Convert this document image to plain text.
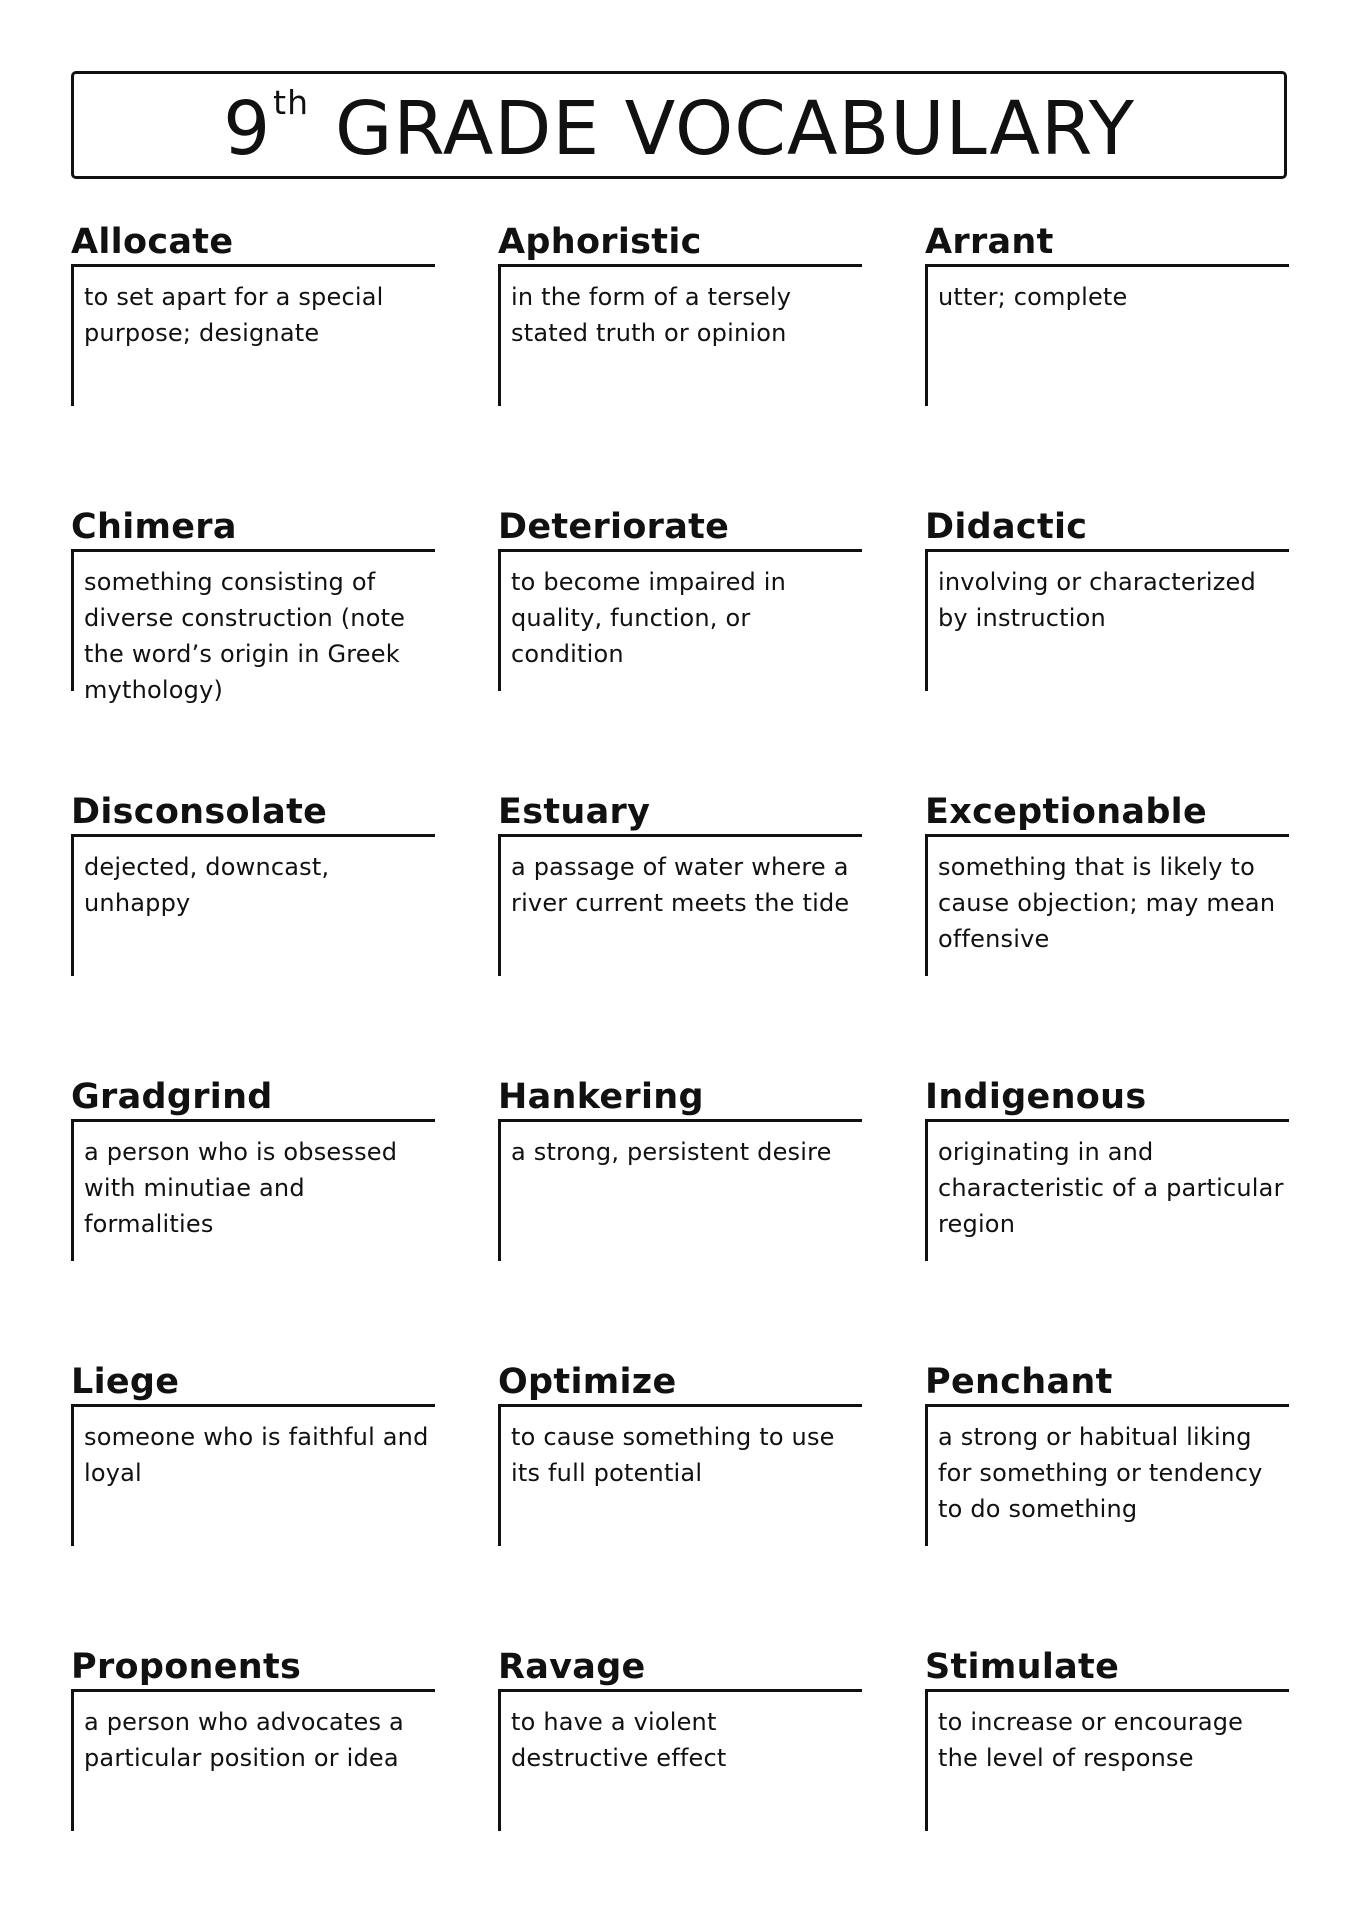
9th GRADE VOCABULARY
Allocate
to set apart for a special purpose; designate
Aphoristic
in the form of a tersely stated truth or opinion
Arrant
utter; complete
Chimera
something consisting of diverse construction (note the word’s origin in Greek mythology)
Deteriorate
to become impaired in quality, function, or condition
Didactic
involving or characterized by instruction
Disconsolate
dejected, downcast, unhappy
Estuary
a passage of water where a river current meets the tide
Exceptionable
something that is likely to cause objection; may mean offensive
Gradgrind
a person who is obsessed with minutiae and formalities
Hankering
a strong, persistent desire
Indigenous
originating in and characteristic of a particular region
Liege
someone who is faithful and loyal
Optimize
to cause something to use its full potential
Penchant
a strong or habitual liking for something or tendency to do something
Proponents
a person who advocates a particular position or idea
Ravage
to have a violent destructive effect
Stimulate
to increase or encourage the level of response
